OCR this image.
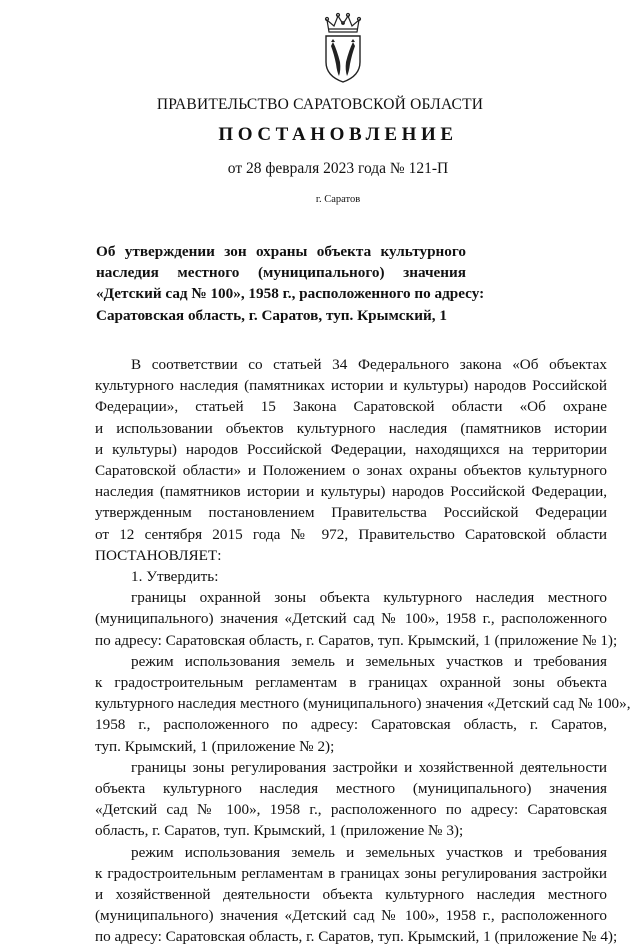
ПРАВИТЕЛЬСТВО САРАТОВСКОЙ ОБЛАСТИ
ПОСТАНОВЛЕНИЕ
от 28 февраля 2023 года № 121-П
г. Саратов
Об утверждении зон охраны объекта культурного
наследия местного (муниципального) значения
«Детский сад № 100», 1958 г., расположенного по адресу:
Саратовская область, г. Саратов, туп. Крымский, 1
В соответствии со статьей 34 Федерального закона «Об объектах
культурного наследия (памятниках истории и культуры) народов Российской
Федерации», статьей 15 Закона Саратовской области «Об охране
и использовании объектов культурного наследия (памятников истории
и культуры) народов Российской Федерации, находящихся на территории
Саратовской области» и Положением о зонах охраны объектов культурного
наследия (памятников истории и культуры) народов Российской Федерации,
утвержденным постановлением Правительства Российской Федерации
от 12 сентября 2015 года № 972, Правительство Саратовской области
ПОСТАНОВЛЯЕТ:
1. Утвердить:
границы охранной зоны объекта культурного наследия местного
(муниципального) значения «Детский сад № 100», 1958 г., расположенного
по адресу: Саратовская область, г. Саратов, туп. Крымский, 1 (приложение № 1);
режим использования земель и земельных участков и требования
к градостроительным регламентам в границах охранной зоны объекта
культурного наследия местного (муниципального) значения «Детский сад № 100»,
1958 г., расположенного по адресу: Саратовская область, г. Саратов,
туп. Крымский, 1 (приложение № 2);
границы зоны регулирования застройки и хозяйственной деятельности
объекта культурного наследия местного (муниципального) значения
«Детский сад № 100», 1958 г., расположенного по адресу: Саратовская
область, г. Саратов, туп. Крымский, 1 (приложение № 3);
режим использования земель и земельных участков и требования
к градостроительным регламентам в границах зоны регулирования застройки
и хозяйственной деятельности объекта культурного наследия местного
(муниципального) значения «Детский сад № 100», 1958 г., расположенного
по адресу: Саратовская область, г. Саратов, туп. Крымский, 1 (приложение № 4);
